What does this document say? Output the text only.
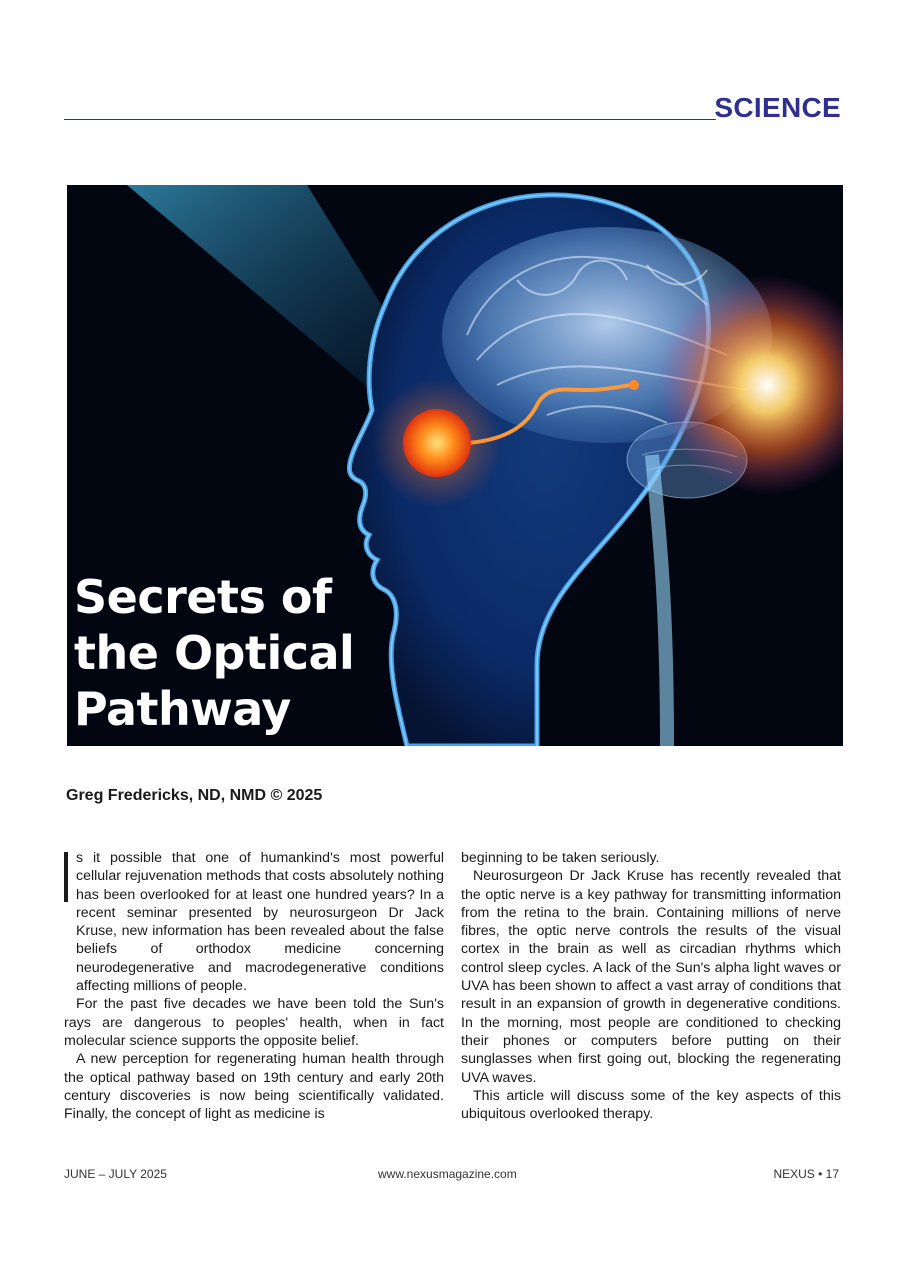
SCIENCE
Secrets of
the Optical
Pathway
Greg Fredericks, ND, NMD © 2025

s it possible that one of humankind's most powerful cellular rejuvenation methods that costs absolutely nothing has been overlooked for at least one hundred years? In a recent seminar presented by neurosurgeon Dr Jack Kruse, new information has been revealed about the false beliefs of orthodox medicine concerning neurodegenerative and macrodegenerative conditions affecting millions of people.

For the past five decades we have been told the Sun's rays are dangerous to peoples' health, when in fact molecular science supports the opposite belief.

A new perception for regenerating human health through the optical pathway based on 19th century and early 20th century discoveries is now being scientifically validated. Finally, the concept of light as medicine is

beginning to be taken seriously.

Neurosurgeon Dr Jack Kruse has recently revealed that the optic nerve is a key pathway for transmitting information from the retina to the brain. Containing millions of nerve fibres, the optic nerve controls the results of the visual cortex in the brain as well as circadian rhythms which control sleep cycles. A lack of the Sun's alpha light waves or UVA has been shown to affect a vast array of conditions that result in an expansion of growth in degenerative conditions. In the morning, most people are conditioned to checking their phones or computers before putting on their sunglasses when first going out, blocking the regenerating UVA waves.

This article will discuss some of the key aspects of this ubiquitous overlooked therapy.

JUNE – JULY 2025	www.nexusmagazine.com	NEXUS • 17
